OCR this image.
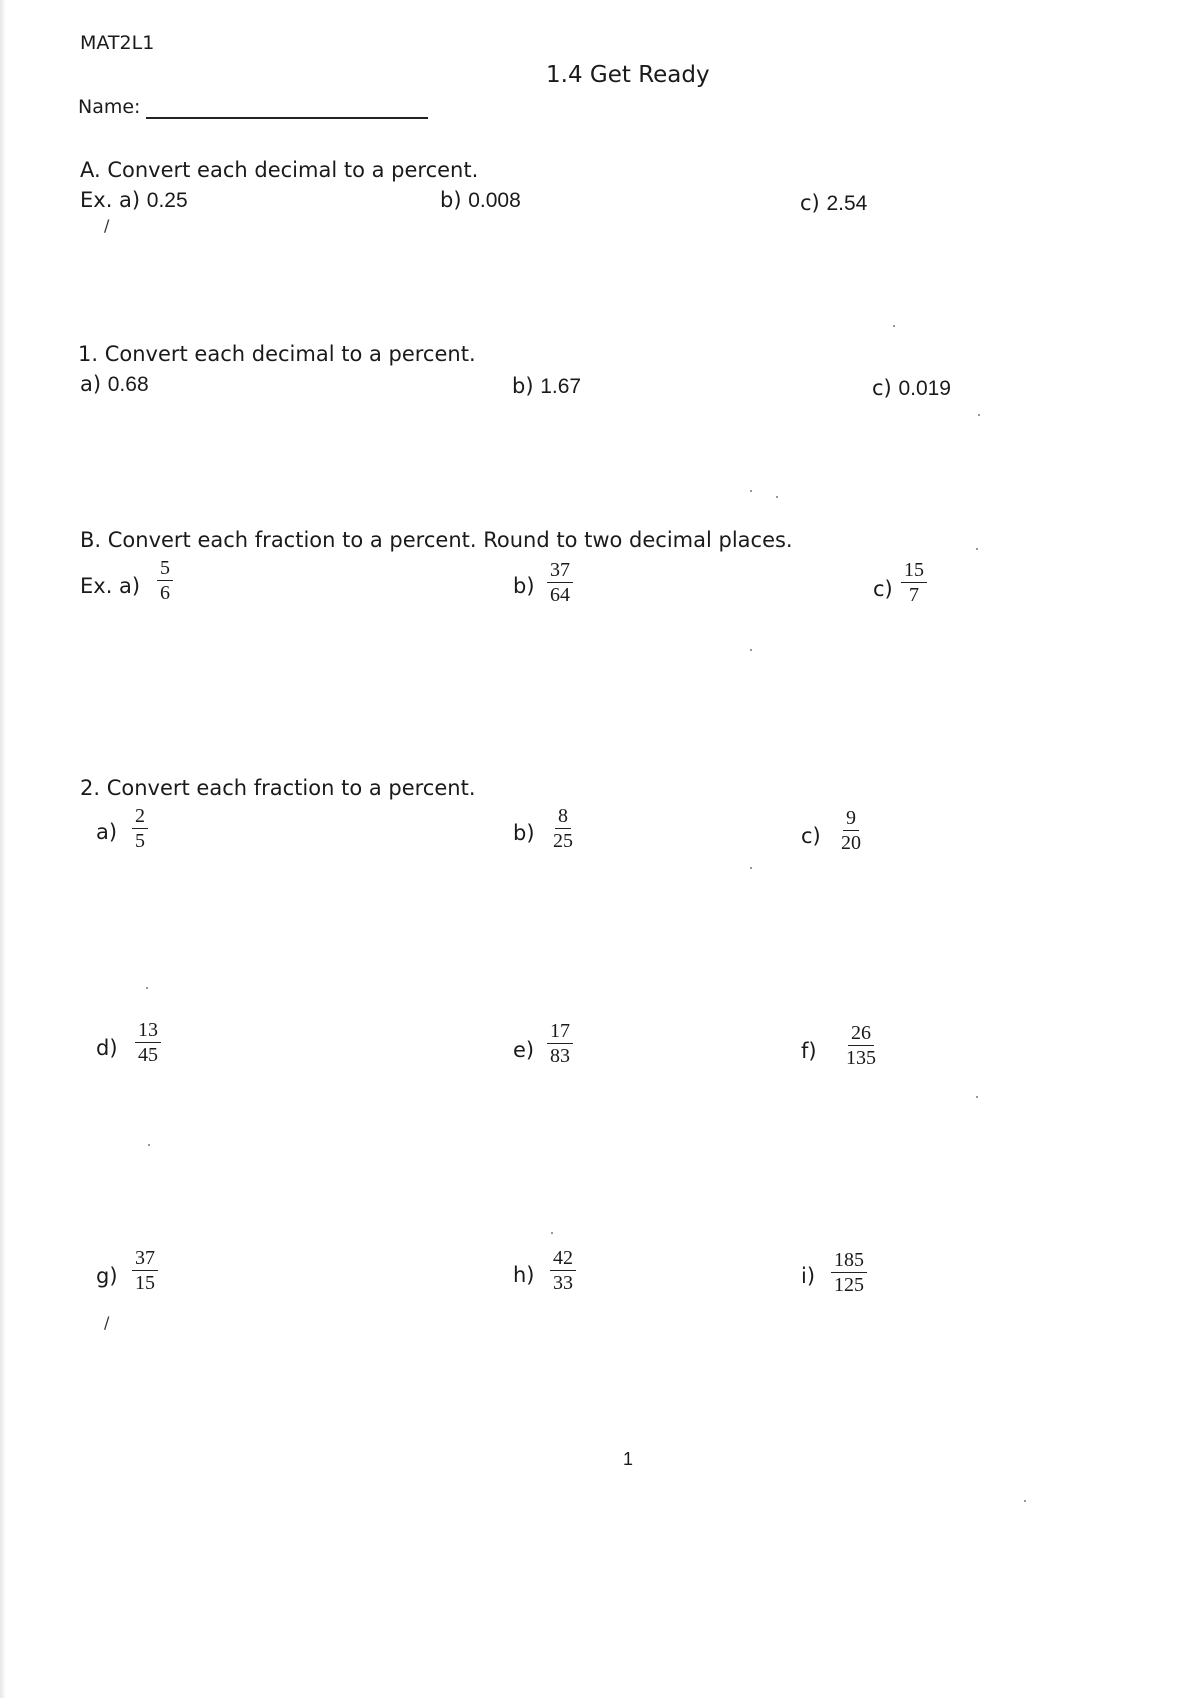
MAT2L1
1.4 Get Ready
Name:
A. Convert each decimal to a percent.
Ex. a) 0.25	b) 0.008	c) 2.54
1. Convert each decimal to a percent.
a) 0.68	b) 1.67	c) 0.019
B. Convert each fraction to a percent. Round to two decimal places.
Ex. $a) \frac{5}{6}$	$b) \frac{37}{64}$	$c) \frac{15}{7}$
2. Convert each fraction to a percent.
$a) \frac{2}{5}$	$b) \frac{8}{25}$	$c) \frac{9}{20}$
$d) \frac{13}{45}$	$e) \frac{17}{83}$	$f) \frac{26}{135}$
$g) \frac{37}{15}$	$h) \frac{42}{33}$	$i) \frac{185}{125}$
1
/
/
